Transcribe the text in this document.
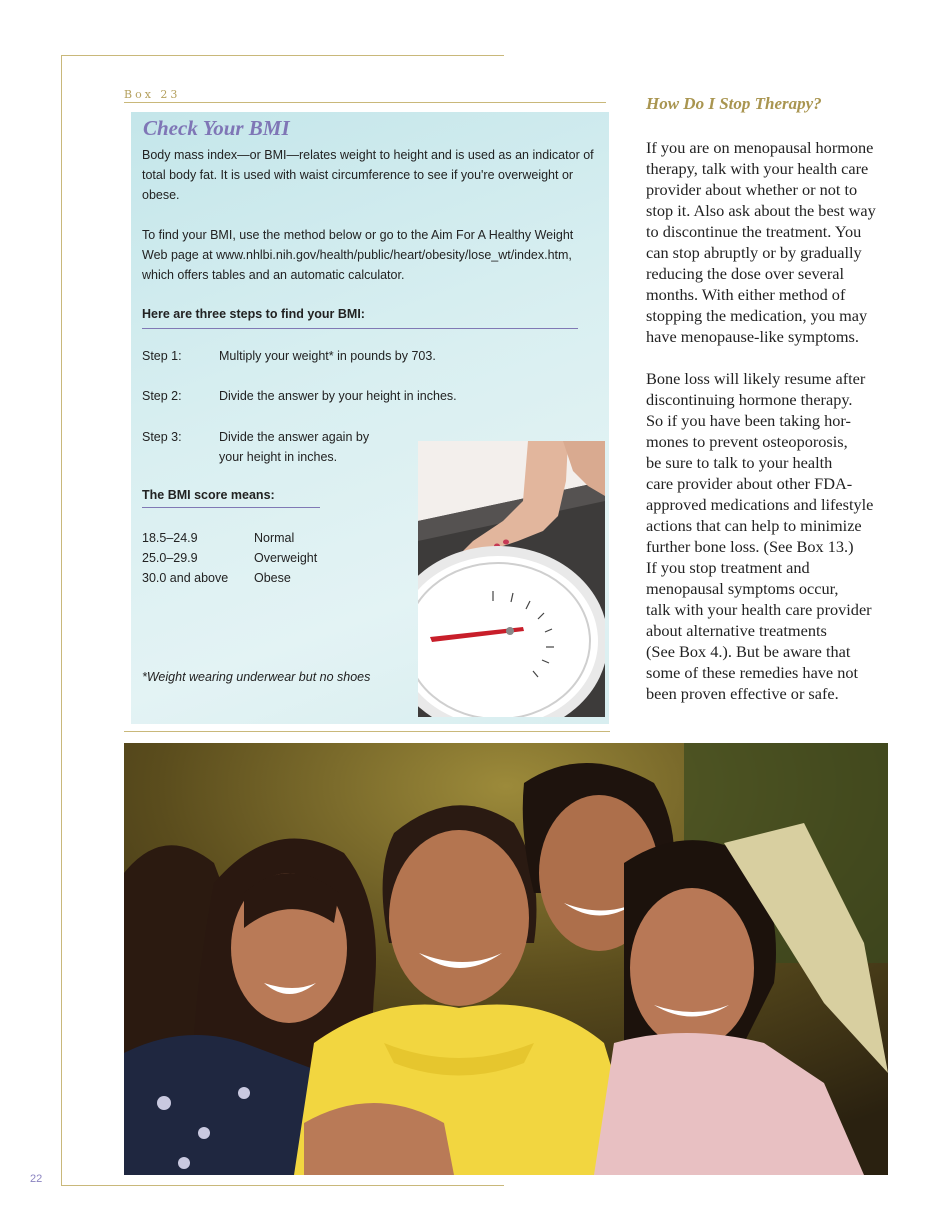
Box 23
Check Your BMI
Body mass index—or BMI—relates weight to height and is used as an indicator of total body fat. It is used with waist circumference to see if you're overweight or obese.
To find your BMI, use the method below or go to the Aim For A Healthy Weight Web page at www.nhlbi.nih.gov/health/public/heart/obesity/lose_wt/index.htm, which offers tables and an automatic calculator.
Here are three steps to find your BMI:
Step 1:	Multiply your weight* in pounds by 703.
Step 2:	Divide the answer by your height in inches.
Step 3:	Divide the answer again by
your height in inches.
The BMI score means:
18.5–24.9	Normal
25.0–29.9	Overweight
30.0 and above Obese
*Weight wearing underwear but no shoes
How Do I Stop Therapy?
If you are on menopausal hormone
therapy, talk with your health care
provider about whether or not to
stop it. Also ask about the best way
to discontinue the treatment. You
can stop abruptly or by gradually
reducing the dose over several
months. With either method of
stopping the medication, you may
have menopause-like symptoms.
Bone loss will likely resume after
discontinuing hormone therapy.
So if you have been taking hor-
mones to prevent osteoporosis,
be sure to talk to your health
care provider about other FDA-
approved medications and lifestyle
actions that can help to minimize
further bone loss. (See Box 13.)
If you stop treatment and
menopausal symptoms occur,
talk with your health care provider
about alternative treatments
(See Box 4.). But be aware that
some of these remedies have not
been proven effective or safe.
22
